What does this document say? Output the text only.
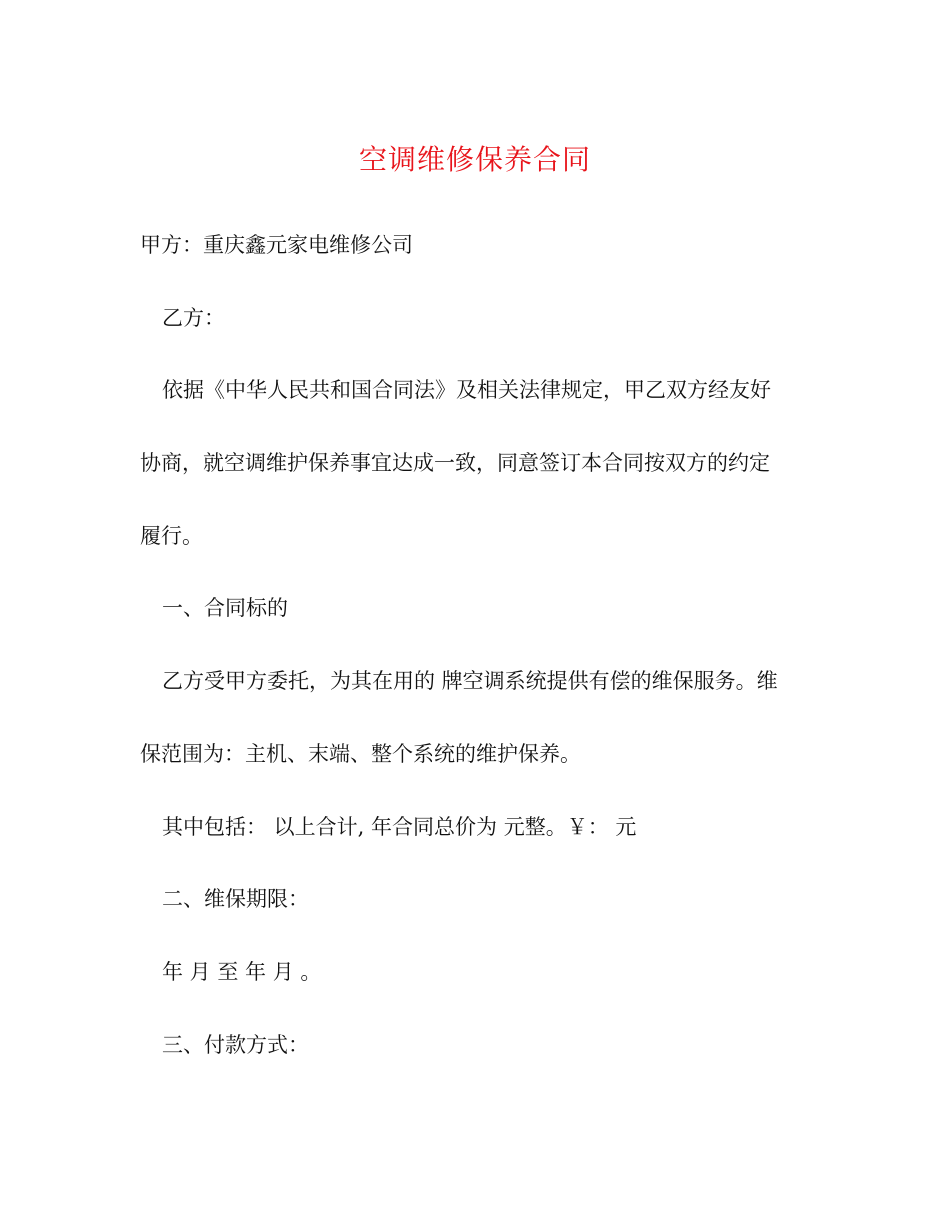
空调维修保养合同
甲方：重庆鑫元家电维修公司
乙方：
依据《中华人民共和国合同法》及相关法律规定，甲乙双方经友好
协商，就空调维护保养事宜达成一致，同意签订本合同按双方的约定
履行。
一、合同标的
乙方受甲方委托，为其在用的 牌空调系统提供有偿的维保服务。维
保范围为：主机、末端、整个系统的维护保养。
其中包括： 以上合计, 年合同总价为 元整。￥： 元
二、维保期限：
年 月 至 年 月 。
三、付款方式：
